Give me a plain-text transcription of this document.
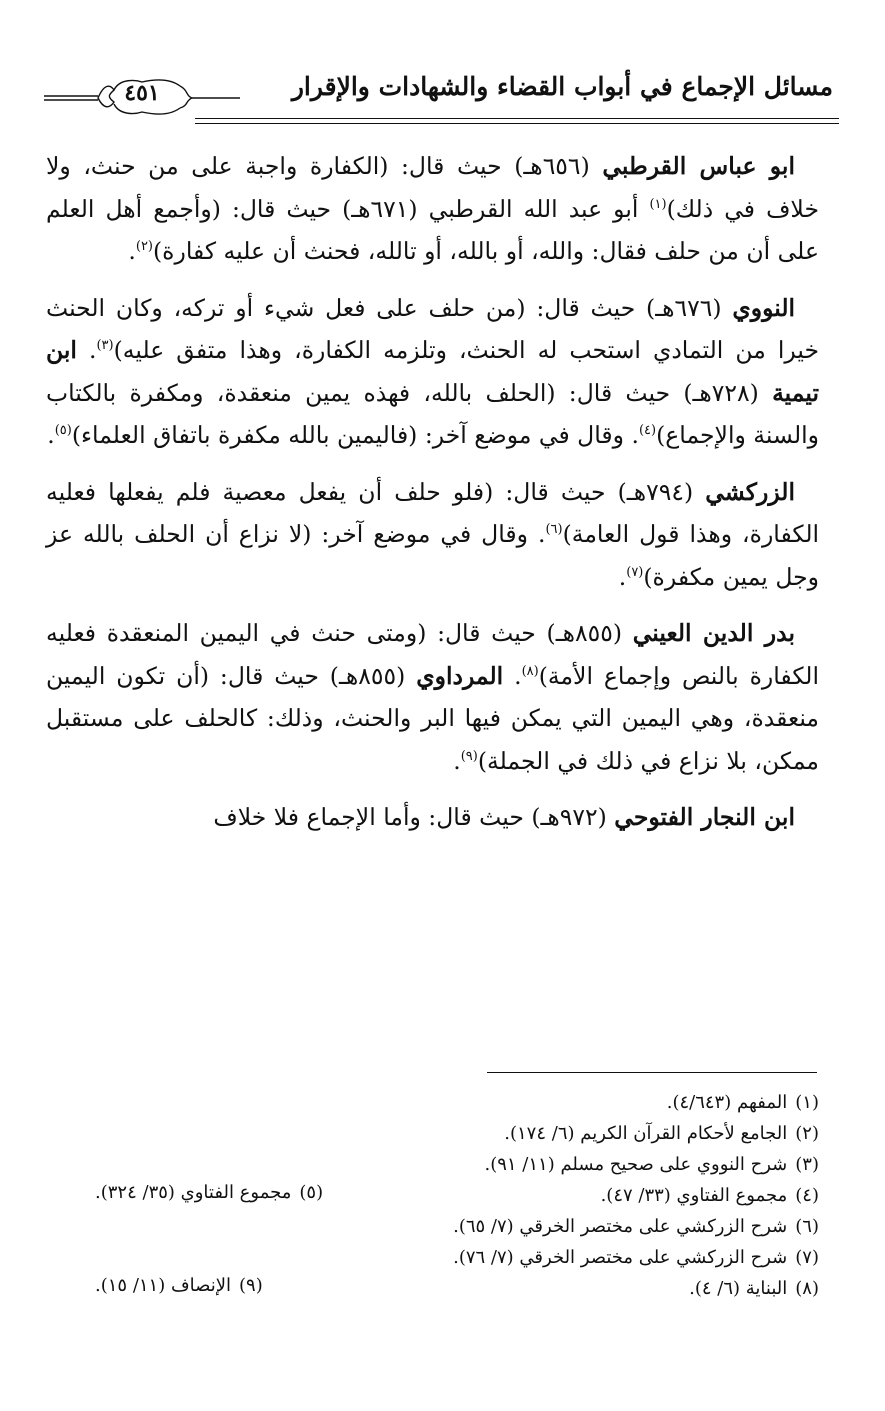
مسائل الإجماع في أبواب القضاء والشهادات والإقرار
٤٥١

ابو عباس القرطبي (٦٥٦هـ) حيث قال: (الكفارة واجبة على من حنث، ولا خلاف في ذلك)$^{(١)}$ أبو عبد الله القرطبي (٦٧١هـ) حيث قال: (وأجمع أهل العلم على أن من حلف فقال: والله، أو بالله، أو تالله، فحنث أن عليه كفارة)$^{(٢)}$.

النووي (٦٧٦هـ) حيث قال: (من حلف على فعل شيء أو تركه، وكان الحنث خيرا من التمادي استحب له الحنث، وتلزمه الكفارة، وهذا متفق عليه)$^{(٣)}$. ابن تيمية (٧٢٨هـ) حيث قال: (الحلف بالله، فهذه يمين منعقدة، ومكفرة بالكتاب والسنة والإجماع)$^{(٤)}$. وقال في موضع آخر: (فاليمين بالله مكفرة باتفاق العلماء)$^{(٥)}$.

الزركشي (٧٩٤هـ) حيث قال: (فلو حلف أن يفعل معصية فلم يفعلها فعليه الكفارة، وهذا قول العامة)$^{(٦)}$. وقال في موضع آخر: (لا نزاع أن الحلف بالله عز وجل يمين مكفرة)$^{(٧)}$.

بدر الدين العيني (٨٥٥هـ) حيث قال: (ومتى حنث في اليمين المنعقدة فعليه الكفارة بالنص وإجماع الأمة)$^{(٨)}$. المرداوي (٨٥٥هـ) حيث قال: (أن تكون اليمين منعقدة، وهي اليمين التي يمكن فيها البر والحنث، وذلك: كالحلف على مستقبل ممكن، بلا نزاع في ذلك في الجملة)$^{(٩)}$.

ابن النجار الفتوحي (٩٧٢هـ) حيث قال: وأما الإجماع فلا خلاف

(١)المفهم (٤/٦٤٣).
(٢)الجامع لأحكام القرآن الكريم (٦/ ١٧٤).
(٣)شرح النووي على صحيح مسلم (١١/ ٩١).
(٤)مجموع الفتاوي (٣٣/ ٤٧).
(٥)مجموع الفتاوي (٣٥/ ٣٢٤).
(٦)شرح الزركشي على مختصر الخرقي (٧/ ٦٥).
(٧)شرح الزركشي على مختصر الخرقي (٧/ ٧٦).
(٨)البناية (٦/ ٤).
(٩)الإنصاف (١١/ ١٥).
